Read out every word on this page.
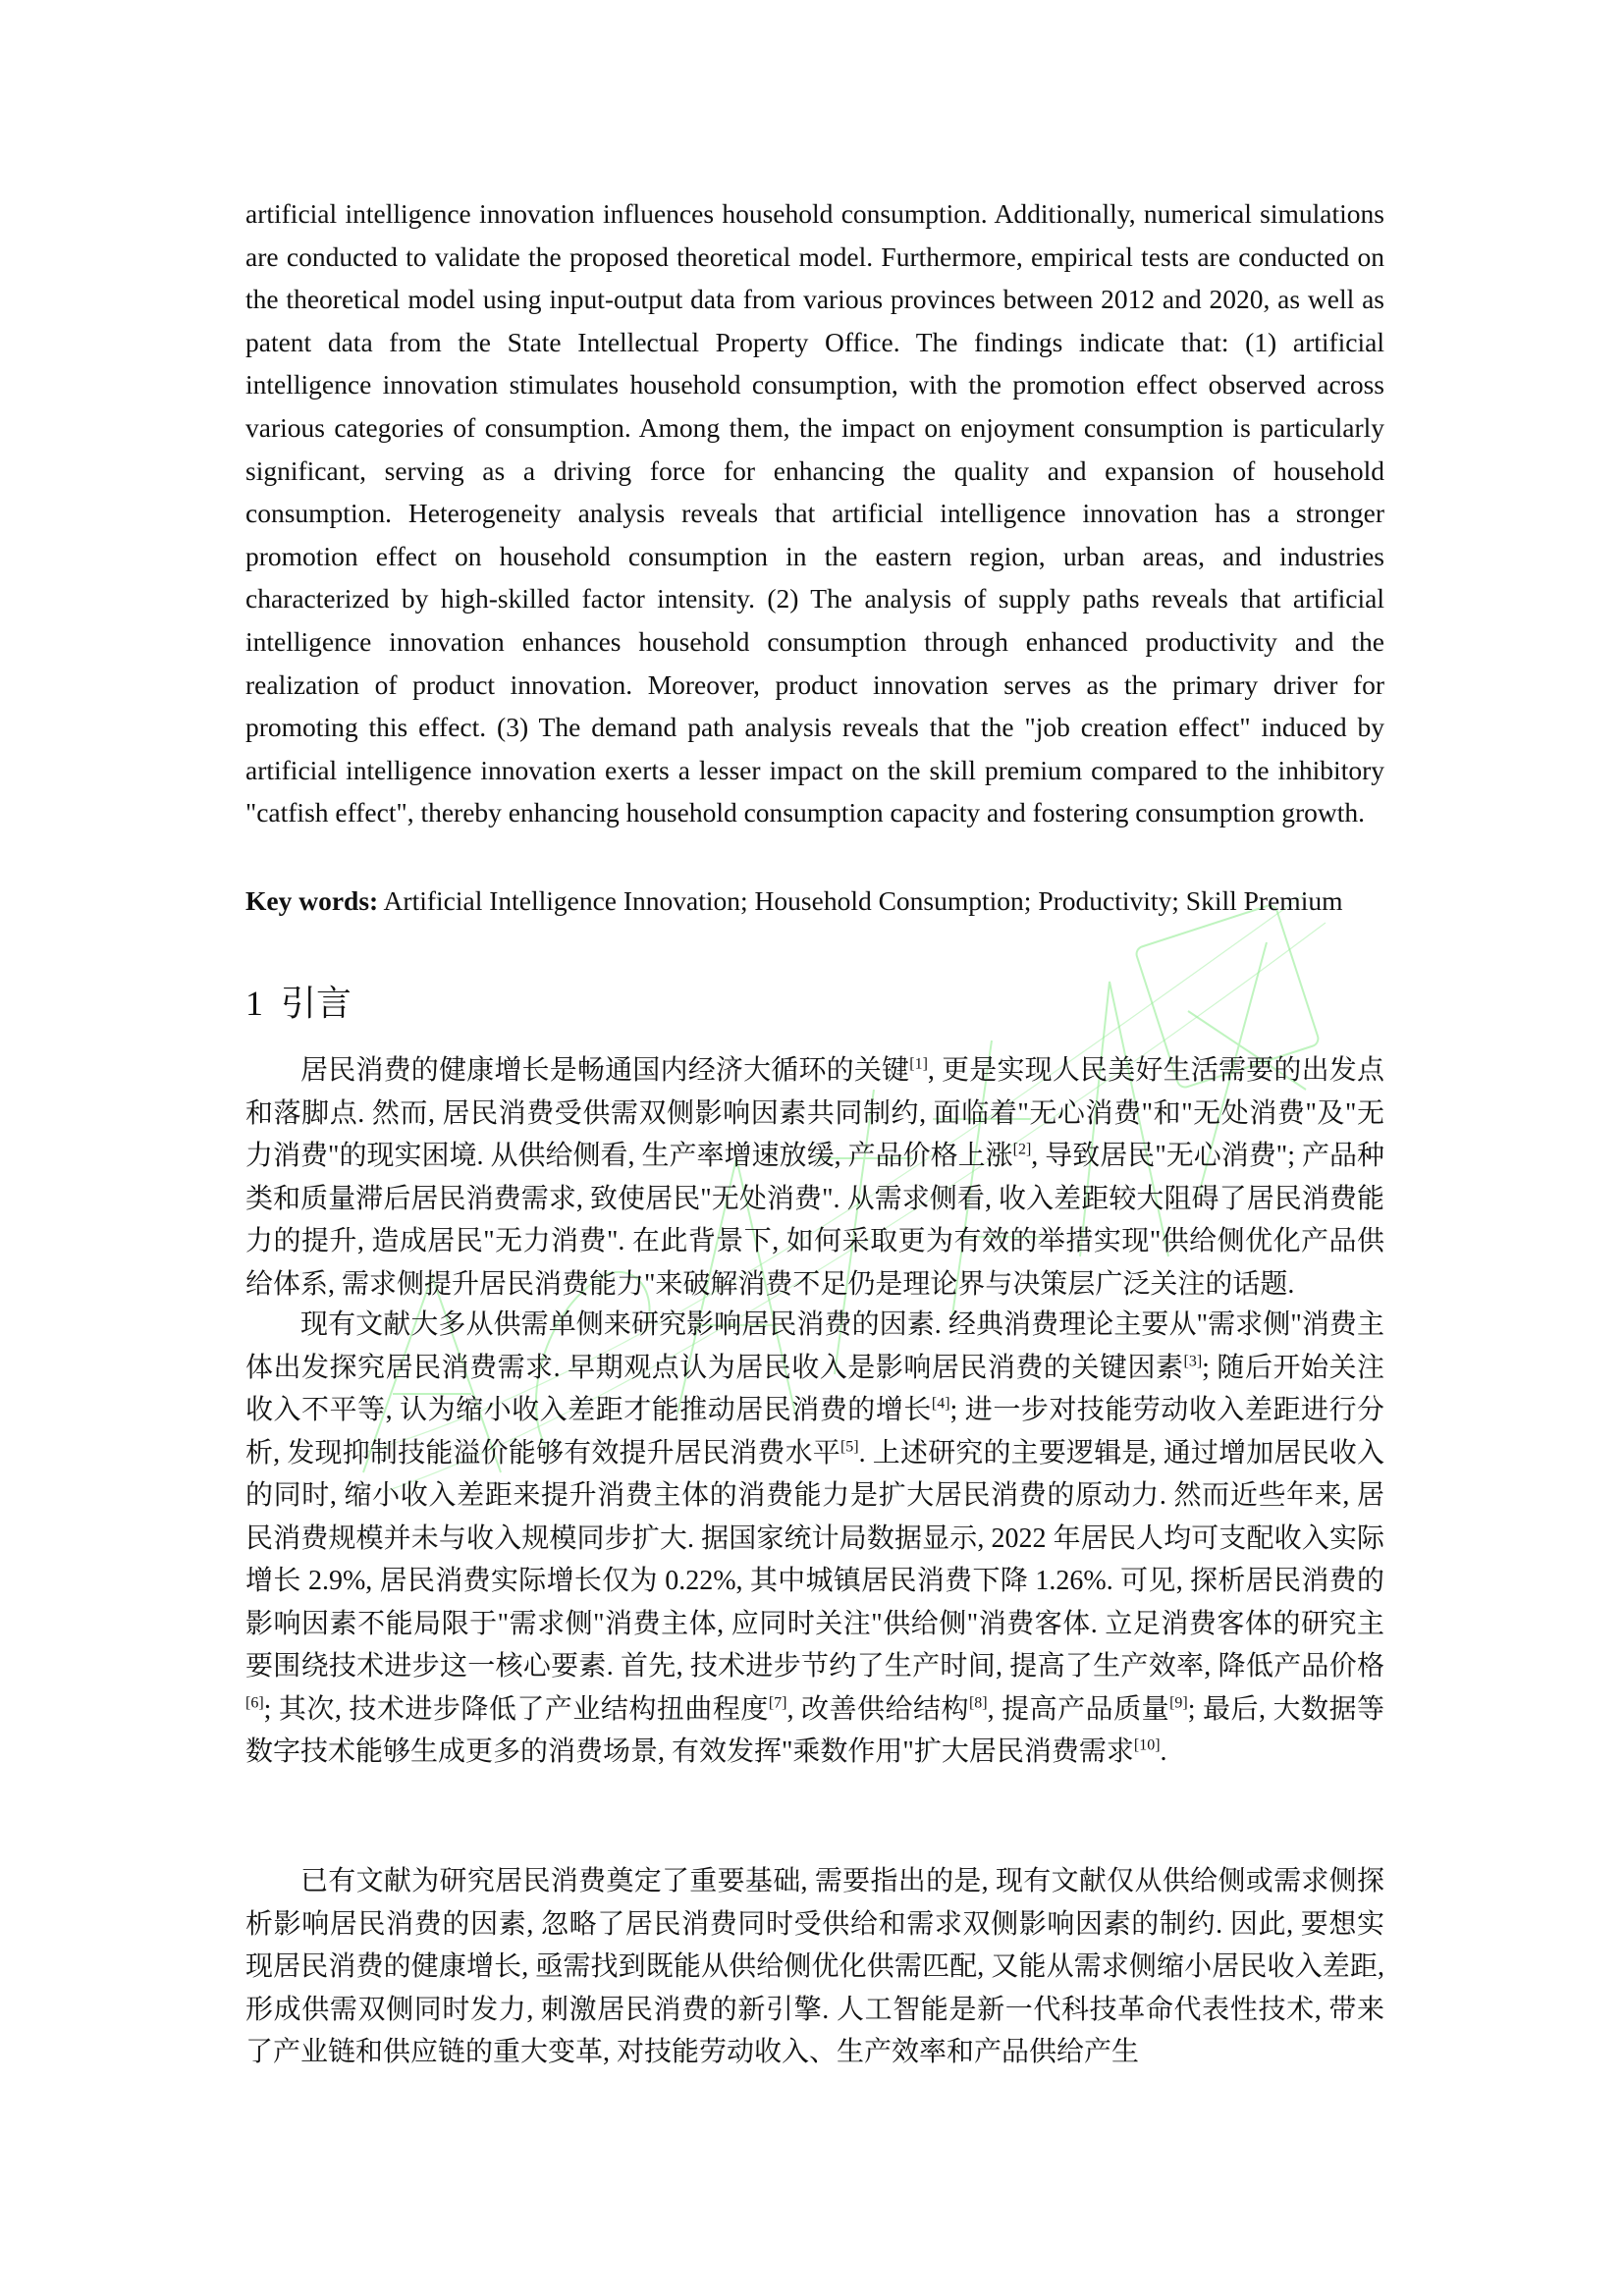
artificial intelligence innovation influences household consumption. Additionally, numerical simulations are conducted to validate the proposed theoretical model. Furthermore, empirical tests are conducted on the theoretical model using input-output data from various provinces between 2012 and 2020, as well as patent data from the State Intellectual Property Office. The findings indicate that: (1) artificial intelligence innovation stimulates household consumption, with the promotion effect observed across various categories of consumption. Among them, the impact on enjoyment consumption is particularly significant, serving as a driving force for enhancing the quality and expansion of household consumption. Heterogeneity analysis reveals that artificial intelligence innovation has a stronger promotion effect on household consumption in the eastern region, urban areas, and industries characterized by high-skilled factor intensity. (2) The analysis of supply paths reveals that artificial intelligence innovation enhances household consumption through enhanced productivity and the realization of product innovation. Moreover, product innovation serves as the primary driver for promoting this effect. (3) The demand path analysis reveals that the "job creation effect" induced by artificial intelligence innovation exerts a lesser impact on the skill premium compared to the inhibitory "catfish effect", thereby enhancing household consumption capacity and fostering consumption growth.

Key words: Artificial Intelligence Innovation; Household Consumption; Productivity; Skill Premium

1 引言

居民消费的健康增长是畅通国内经济大循环的关键[1], 更是实现人民美好生活需要的出发点和落脚点. 然而, 居民消费受供需双侧影响因素共同制约, 面临着"无心消费"和"无处消费"及"无力消费"的现实困境. 从供给侧看, 生产率增速放缓, 产品价格上涨[2], 导致居民"无心消费"; 产品种类和质量滞后居民消费需求, 致使居民"无处消费". 从需求侧看, 收入差距较大阻碍了居民消费能力的提升, 造成居民"无力消费". 在此背景下, 如何采取更为有效的举措实现"供给侧优化产品供给体系, 需求侧提升居民消费能力"来破解消费不足仍是理论界与决策层广泛关注的话题.

现有文献大多从供需单侧来研究影响居民消费的因素. 经典消费理论主要从"需求侧"消费主体出发探究居民消费需求. 早期观点认为居民收入是影响居民消费的关键因素[3]; 随后开始关注收入不平等, 认为缩小收入差距才能推动居民消费的增长[4]; 进一步对技能劳动收入差距进行分析, 发现抑制技能溢价能够有效提升居民消费水平[5]. 上述研究的主要逻辑是, 通过增加居民收入的同时, 缩小收入差距来提升消费主体的消费能力是扩大居民消费的原动力. 然而近些年来, 居民消费规模并未与收入规模同步扩大. 据国家统计局数据显示, 2022 年居民人均可支配收入实际增长 2.9%, 居民消费实际增长仅为 0.22%, 其中城镇居民消费下降 1.26%. 可见, 探析居民消费的影响因素不能局限于"需求侧"消费主体, 应同时关注"供给侧"消费客体. 立足消费客体的研究主要围绕技术进步这一核心要素. 首先, 技术进步节约了生产时间, 提高了生产效率, 降低产品价格[6]; 其次, 技术进步降低了产业结构扭曲程度[7], 改善供给结构[8], 提高产品质量[9]; 最后, 大数据等数字技术能够生成更多的消费场景, 有效发挥"乘数作用"扩大居民消费需求[10].

已有文献为研究居民消费奠定了重要基础, 需要指出的是, 现有文献仅从供给侧或需求侧探析影响居民消费的因素, 忽略了居民消费同时受供给和需求双侧影响因素的制约. 因此, 要想实现居民消费的健康增长, 亟需找到既能从供给侧优化供需匹配, 又能从需求侧缩小居民收入差距, 形成供需双侧同时发力, 刺激居民消费的新引擎. 人工智能是新一代科技革命代表性技术, 带来了产业链和供应链的重大变革, 对技能劳动收入、生产效率和产品供给产生
